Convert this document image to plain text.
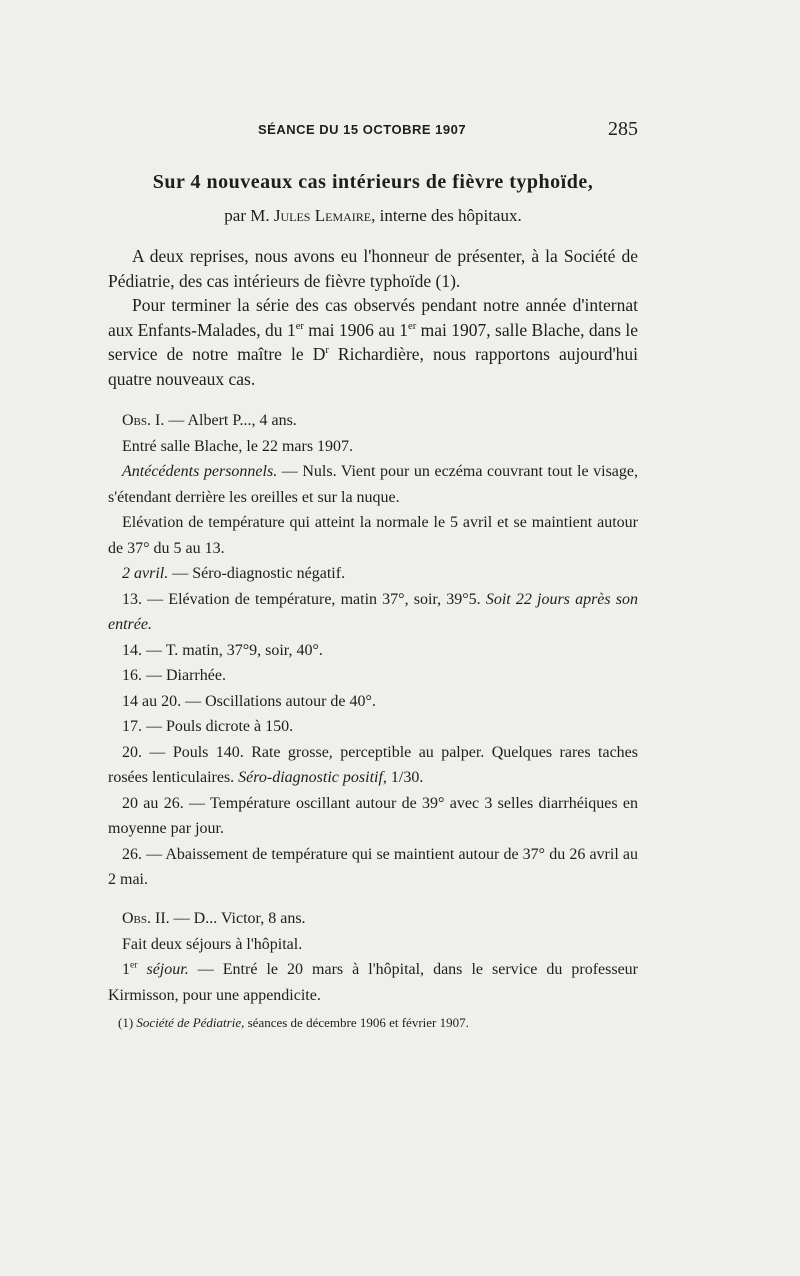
SÉANCE DU 15 OCTOBRE 1907	285
Sur 4 nouveaux cas intérieurs de fièvre typhoïde,
par M. Jules Lemaire, interne des hôpitaux.

A deux reprises, nous avons eu l'honneur de présenter, à la Société de Pédiatrie, des cas intérieurs de fièvre typhoïde (1).

Pour terminer la série des cas observés pendant notre année d'internat aux Enfants-Malades, du 1er mai 1906 au 1er mai 1907, salle Blache, dans le service de notre maître le $D^r$ Richardière, nous rapportons aujourd'hui quatre nouveaux cas.

Obs. I. — Albert P..., 4 ans.

Entré salle Blache, le 22 mars 1907.

Antécédents personnels. — Nuls. Vient pour un eczéma couvrant tout le visage, s'étendant derrière les oreilles et sur la nuque.

Elévation de température qui atteint la normale le 5 avril et se maintient autour de 37° du 5 au 13.

2 avril. — Séro-diagnostic négatif.

13. — Elévation de température, matin 37°, soir, 39°5. Soit 22 jours après son entrée.

14. — T. matin, 37°9, soir, 40°.

16. — Diarrhée.

14 au 20. — Oscillations autour de 40°.

17. — Pouls dicrote à 150.

20. — Pouls 140. Rate grosse, perceptible au palper. Quelques rares taches rosées lenticulaires. Séro-diagnostic positif, 1/30.

20 au 26. — Température oscillant autour de 39° avec 3 selles diarrhéiques en moyenne par jour.

26. — Abaissement de température qui se maintient autour de 37° du 26 avril au 2 mai.

Obs. II. — D... Victor, 8 ans.

Fait deux séjours à l'hôpital.

1er séjour. — Entré le 20 mars à l'hôpital, dans le service du professeur Kirmisson, pour une appendicite.

(1) Société de Pédiatrie, séances de décembre 1906 et février 1907.
